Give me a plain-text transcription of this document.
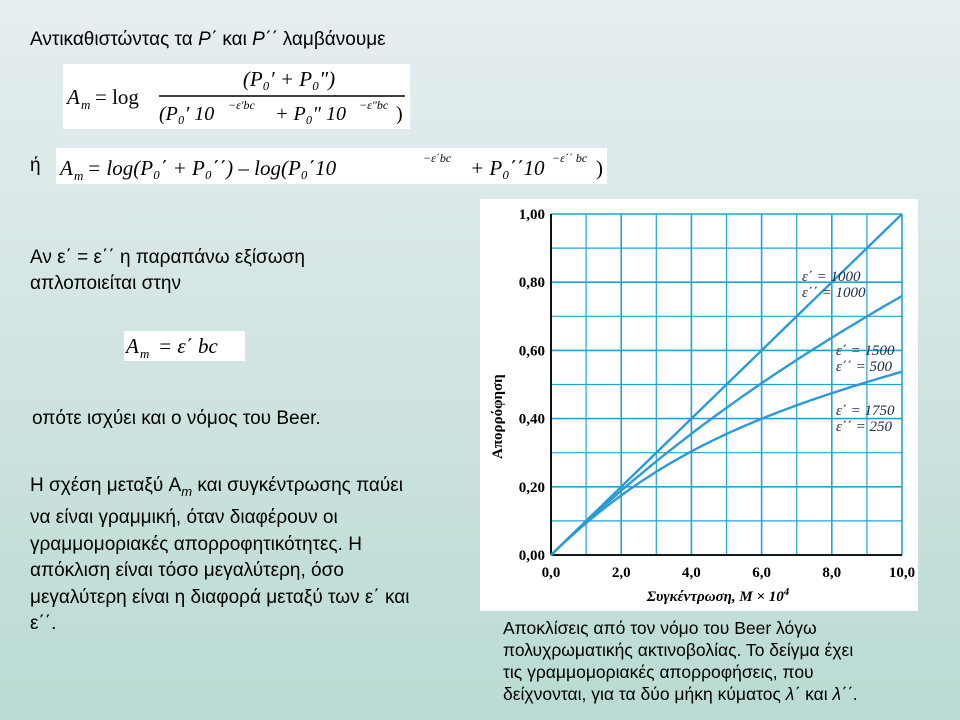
Αντικαθιστώντας τα P΄ και P΄΄ λαμβάνουμε
A m = log
(P₀′ + P₀″)
(P₀′ 10 −ε′bc + P₀″ 10 −ε″bc )
ή A m = log(P₀΄ + P₀΄΄) – log(P₀΄10	−ε΄bc + P₀΄΄10 −ε΄΄ bc )
Αν ε΄ = ε΄΄ η παραπάνω εξίσωση
απλοποιείται στην
A m = ε΄ bc
οπότε ισχύει και ο νόμος του Beer.
Η σχέση μεταξύ $A_m$ και συγκέντρωσης παύει
να είναι γραμμική, όταν διαφέρουν οι
γραμμομοριακές απορροφητικότητες. Η
απόκλιση είναι τόσο μεγαλύτερη, όσο
μεγαλύτερη είναι η διαφορά μεταξύ των ε΄ και
ε΄΄.
0,0	2,0	4,0	6,0	8,0	10,0
0,00
0,20
0,40
0,60
0,80
1,00
ε΄ = 1000
ε΄΄ = 1000
ε΄ = 1500
ε΄΄ = 500
ε΄ = 1750
ε΄΄ = 250
Απορρόφηση
Συγκέντρωση, $M \times 10^4$
Αποκλίσεις από τον νόμο του Beer λόγω
πολυχρωματικής ακτινοβολίας. Το δείγμα έχει
τις γραμμομοριακές απορροφήσεις, που
δείχνονται, για τα δύο μήκη κύματος λ΄ και λ΄΄.
